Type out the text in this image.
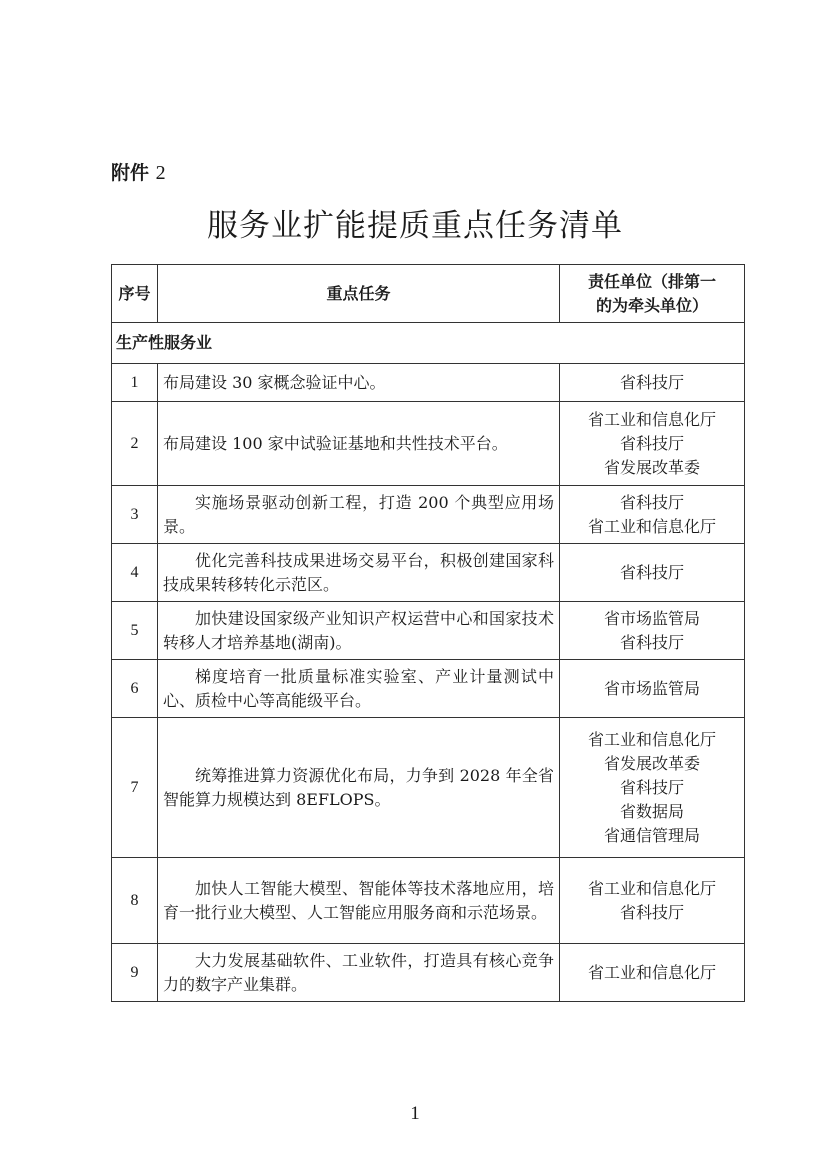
附件 2
服务业扩能提质重点任务清单
序号	重点任务	责任单位（排第一
的为牵头单位）

生产性服务业		
1	布局建设 30 家概念验证中心。	省科技厅

2	布局建设 100 家中试验证基地和共性技术平台。	省工业和信息化厅
省科技厅
省发展改革委

3	实施场景驱动创新工程，打造 200 个典型应用场景。	省科技厅
省工业和信息化厅

4	优化完善科技成果进场交易平台，积极创建国家科技成果转移转化示范区。	省科技厅

5	加快建设国家级产业知识产权运营中心和国家技术转移人才培养基地(湖南)。	省市场监管局
省科技厅

6	梯度培育一批质量标准实验室、产业计量测试中心、质检中心等高能级平台。	省市场监管局

7	统筹推进算力资源优化布局，力争到 2028 年全省智能算力规模达到 8EFLOPS。	省工业和信息化厅
省发展改革委
省科技厅
省数据局
省通信管理局

8	加快人工智能大模型、智能体等技术落地应用，培育一批行业大模型、人工智能应用服务商和示范场景。	省工业和信息化厅
省科技厅

9	大力发展基础软件、工业软件，打造具有核心竞争力的数字产业集群。	省工业和信息化厅
1
